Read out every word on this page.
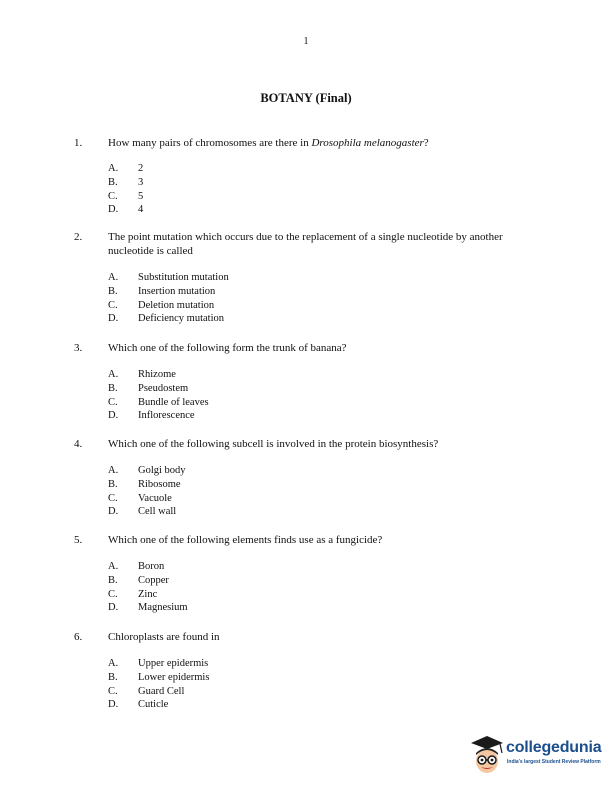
1
BOTANY (Final)
1. How many pairs of chromosomes are there in Drosophila melanogaster?
A. 2
B. 3
C. 5
D. 4
2. The point mutation which occurs due to the replacement of a single nucleotide by another nucleotide is called
A. Substitution mutation
B. Insertion mutation
C. Deletion mutation
D. Deficiency mutation
3. Which one of the following form the trunk of banana?
A. Rhizome
B. Pseudostem
C. Bundle of leaves
D. Inflorescence
4. Which one of the following subcell is involved in the protein biosynthesis?
A. Golgi body
B. Ribosome
C. Vacuole
D. Cell wall
5. Which one of the following elements finds use as a fungicide?
A. Boron
B. Copper
C. Zinc
D. Magnesium
6. Chloroplasts are found in
A. Upper epidermis
B. Lower epidermis
C. Guard Cell
D. Cuticle
collegedunia
India's largest Student Review Platform
